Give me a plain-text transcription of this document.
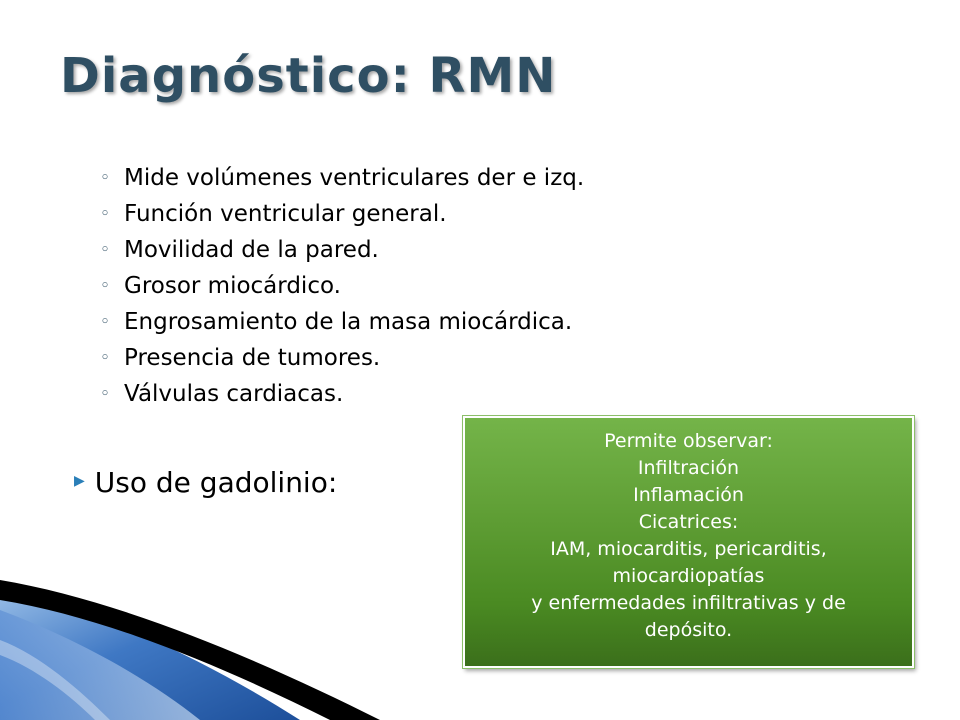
Diagnóstico: RMN
◦ Mide volúmenes ventriculares der e izq.
◦ Función ventricular general.
◦ Movilidad de la pared.
◦ Grosor miocárdico.
◦ Engrosamiento de la masa miocárdica.
◦ Presencia de tumores.
◦ Válvulas cardiacas.
▶ Uso de gadolinio:
Permite observar:
Infiltración
Inflamación
Cicatrices:
IAM, miocarditis, pericarditis,
miocardiopatías
y enfermedades infiltrativas y de
depósito.
